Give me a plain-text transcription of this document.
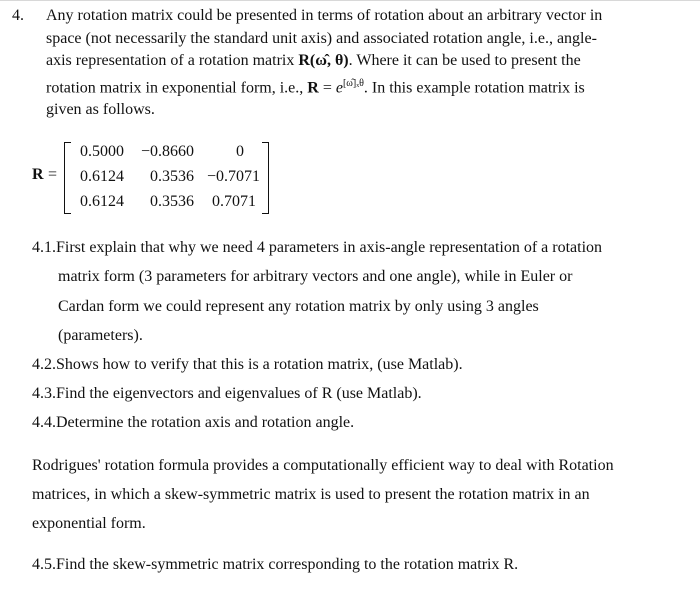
4. Any rotation matrix could be presented in terms of rotation about an arbitrary vector in
space (not necessarily the standard unit axis) and associated rotation angle, i.e., angle-
axis representation of a rotation matrix R(ω̂, θ). Where it can be used to present the
rotation matrix in exponential form, i.e., $R = e^{[\omegâ]_x\theta}$. In this example rotation matrix is
given as follows.
R =
0.5000	−0.8660	0
0.6124	0.3536 −0.7071
0.6124	0.3536	0.7071
4.1.First explain that why we need 4 parameters in axis-angle representation of a rotation
matrix form (3 parameters for arbitrary vectors and one angle), while in Euler or
Cardan form we could represent any rotation matrix by only using 3 angles
(parameters).
4.2.Shows how to verify that this is a rotation matrix, (use Matlab).
4.3.Find the eigenvectors and eigenvalues of R (use Matlab).
4.4.Determine the rotation axis and rotation angle.
Rodrigues' rotation formula provides a computationally efficient way to deal with Rotation
matrices, in which a skew-symmetric matrix is used to present the rotation matrix in an
exponential form.
4.5.Find the skew-symmetric matrix corresponding to the rotation matrix R.
